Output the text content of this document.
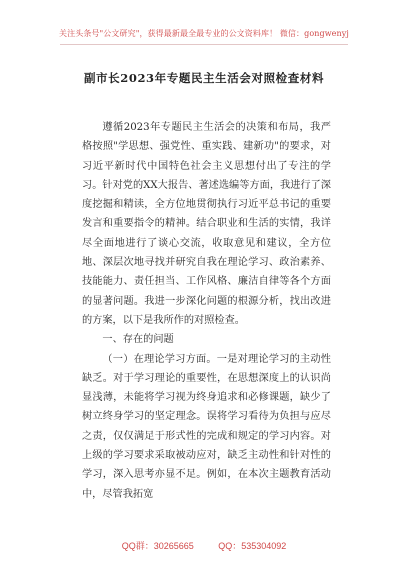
关注头条号"公文研究"，获得最新最全最专业的公文资料库！ 微信：gongwenyj
副市长2023年专题民主生活会对照检查材料

遵循2023年专题民主生活会的决策和布局，我严格按照"学思想、强党性、重实践、建新功"的要求，对习近平新时代中国特色社会主义思想付出了专注的学习。针对党的XX大报告、著述选编等方面，我进行了深度挖掘和精读，全方位地贯彻执行习近平总书记的重要发言和重要指令的精神。结合职业和生活的实情，我详尽全面地进行了谈心交流，收取意见和建议，全方位地、深层次地寻找并研究自我在理论学习、政治素养、技能能力、责任担当、工作风格、廉洁自律等各个方面的显著问题。我进一步深化问题的根源分析，找出改进的方案，以下是我所作的对照检查。

一、存在的问题

（一）在理论学习方面。一是对理论学习的主动性缺乏。对于学习理论的重要性，在思想深度上的认识尚显浅薄，未能将学习视为终身追求和必修课题，缺少了树立终身学习的坚定理念。误将学习看待为负担与应尽之责，仅仅满足于形式性的完成和规定的学习内容。对上级的学习要求采取被动应对，缺乏主动性和针对性的学习，深入思考亦显不足。例如，在本次主题教育活动中，尽管我拓宽

QQ群：30265665	QQ：535304092
